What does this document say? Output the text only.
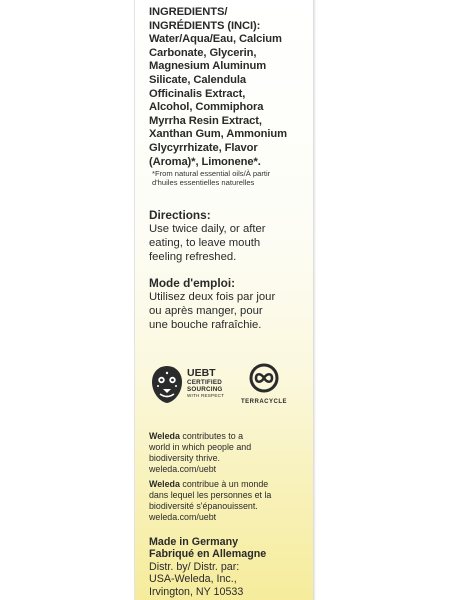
INGREDIENTS/

INGRÉDIENTS (INCI):

Water/Aqua/Eau, Calcium

Carbonate, Glycerin,

Magnesium Aluminum

Silicate, Calendula

Officinalis Extract,

Alcohol, Commiphora

Myrrha Resin Extract,

Xanthan Gum, Ammonium

Glycyrrhizate, Flavor

(Aroma)*, Limonene*.

*From natural essential oils/À partir

d'huiles essentielles naturelles

Directions:

Use twice daily, or after

eating, to leave mouth

feeling refreshed.

Mode d'emploi:

Utilisez deux fois par jour

ou après manger, pour

une bouche rafraîchie.

UEBT

CERTIFIED

SOURCING

WITH RESPECT

TERRACYCLE

Weleda contributes to a

world in which people and

biodiversity thrive.

weleda.com/uebt

Weleda contribue à un monde

dans lequel les personnes et la

biodiversité s'épanouissent.

weleda.com/uebt

Made in Germany

Fabriqué en Allemagne

Distr. by/ Distr. par:

USA-Weleda, Inc.,

Irvington, NY 10533
